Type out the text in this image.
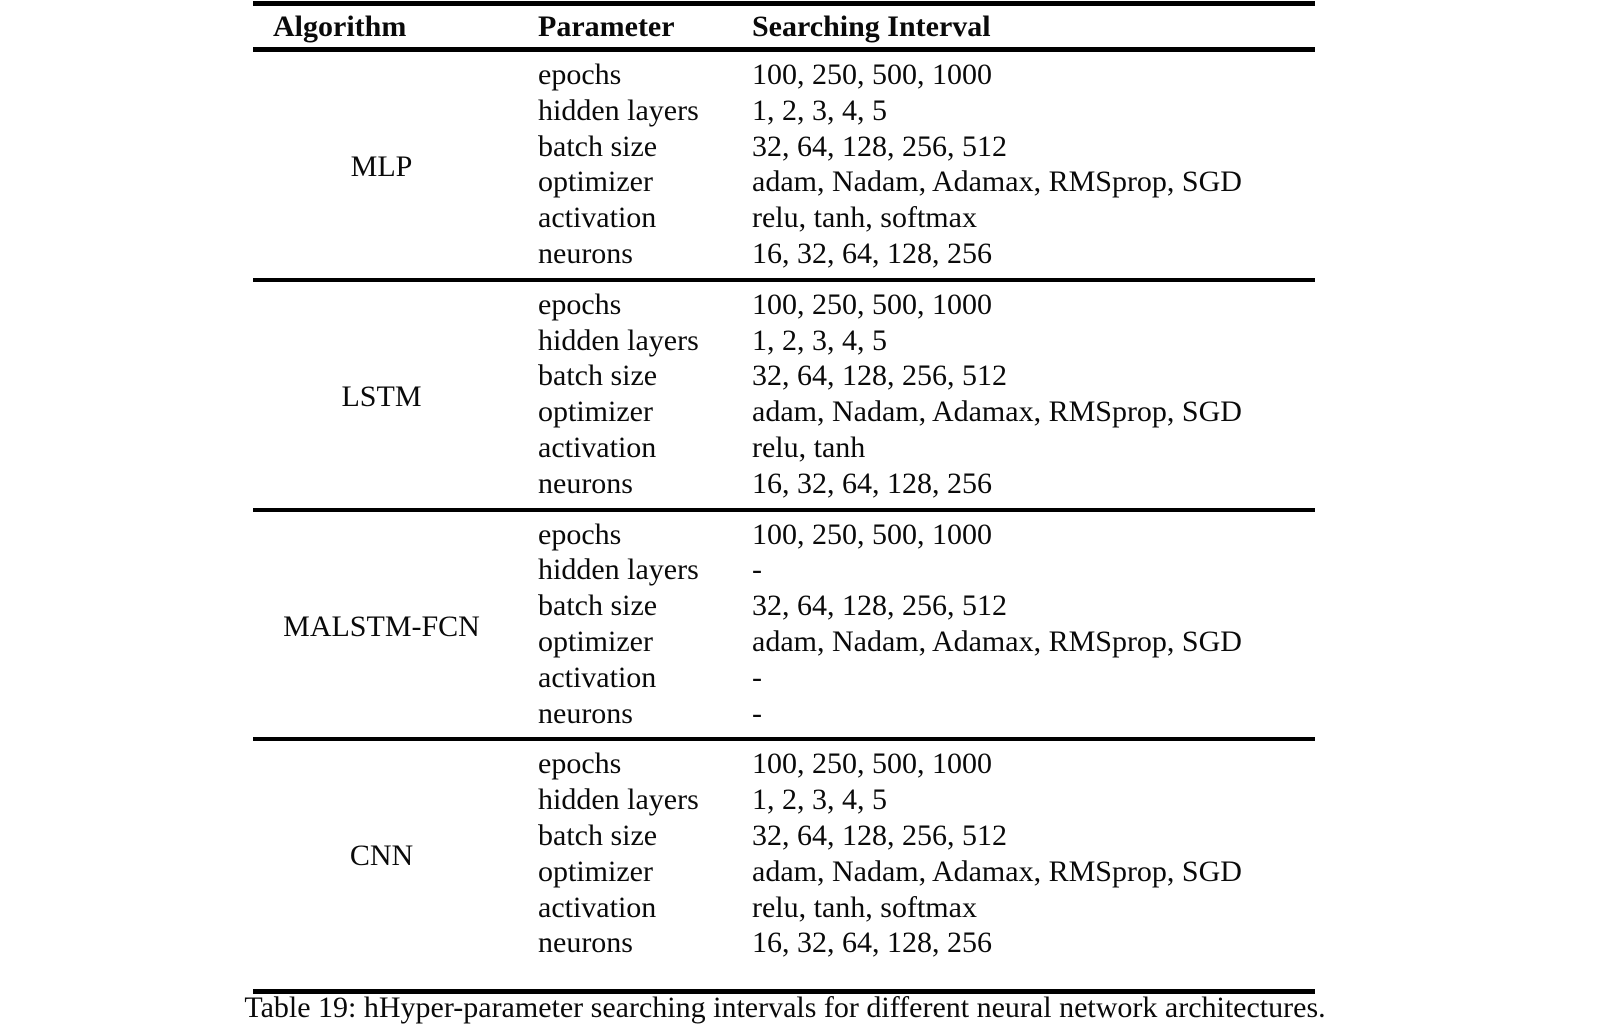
Algorithm	Parameter	Searching Interval
MLP	epochs	100, 250, 500, 1000
	hidden layers	1, 2, 3, 4, 5
	batch size	32, 64, 128, 256, 512
	optimizer	adam, Nadam, Adamax, RMSprop, SGD
	activation	relu, tanh, softmax
	neurons	16, 32, 64, 128, 256
LSTM	epochs	100, 250, 500, 1000
	hidden layers	1, 2, 3, 4, 5
	batch size	32, 64, 128, 256, 512
	optimizer	adam, Nadam, Adamax, RMSprop, SGD
	activation	relu, tanh
	neurons	16, 32, 64, 128, 256
MALSTM-FCN	epochs	100, 250, 500, 1000
	hidden layers	-
	batch size	32, 64, 128, 256, 512
	optimizer	adam, Nadam, Adamax, RMSprop, SGD
	activation	-
	neurons	-
CNN	epochs	100, 250, 500, 1000
	hidden layers	1, 2, 3, 4, 5
	batch size	32, 64, 128, 256, 512
	optimizer	adam, Nadam, Adamax, RMSprop, SGD
	activation	relu, tanh, softmax
	neurons	16, 32, 64, 128, 256
Table 19: hHyper-parameter searching intervals for different neural network architectures.
